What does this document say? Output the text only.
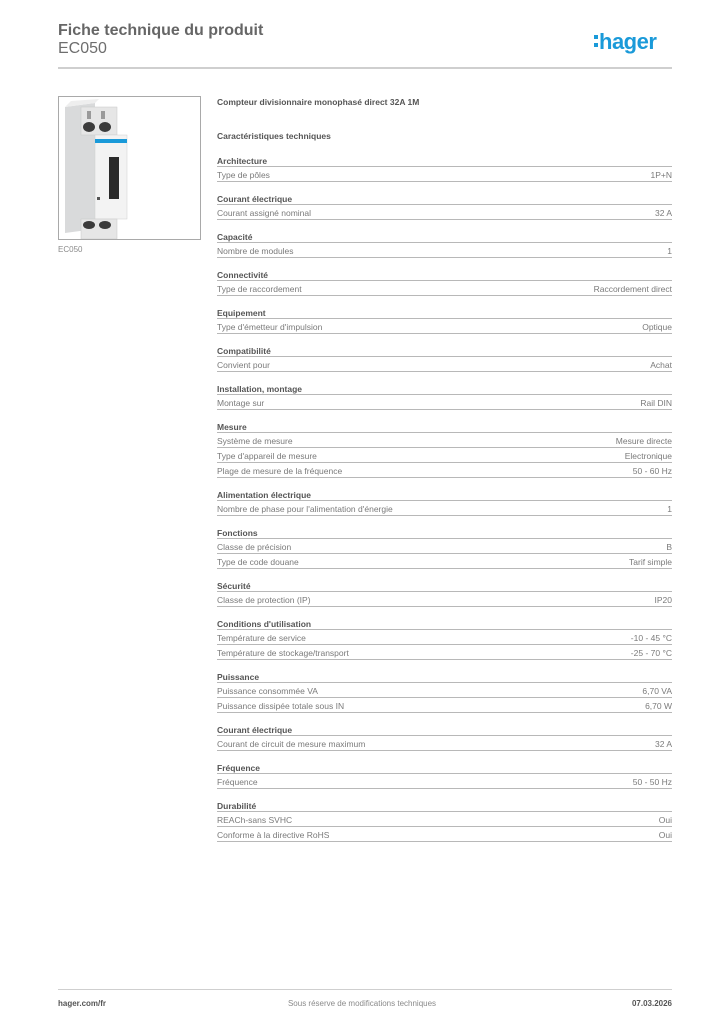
Fiche technique du produit
EC050	hager
EC050
Compteur divisionnaire monophasé direct 32A 1M
Caractéristiques techniques
Architecture
Type de pôles	1P+N
Courant électrique
Courant assigné nominal	32 A
Capacité
Nombre de modules	1
Connectivité
Type de raccordement	Raccordement direct
Equipement
Type d'émetteur d'impulsion	Optique
Compatibilité
Convient pour	Achat
Installation, montage
Montage sur	Rail DIN
Mesure
Système de mesure	Mesure directe
Type d'appareil de mesure	Electronique
Plage de mesure de la fréquence	50 - 60 Hz
Alimentation électrique
Nombre de phase pour l'alimentation d'énergie	1
Fonctions
Classe de précision	B
Type de code douane	Tarif simple
Sécurité
Classe de protection (IP)	IP20
Conditions d'utilisation
Température de service	-10 - 45 °C
Température de stockage/transport	-25 - 70 °C
Puissance
Puissance consommée VA	6,70 VA
Puissance dissipée totale sous IN	6,70 W
Courant électrique
Courant de circuit de mesure maximum	32 A
Fréquence
Fréquence	50 - 50 Hz
Durabilité
REACh-sans SVHC	Oui
Conforme à la directive RoHS	Oui
hager.com/fr	Sous réserve de modifications techniques	07.03.2026
